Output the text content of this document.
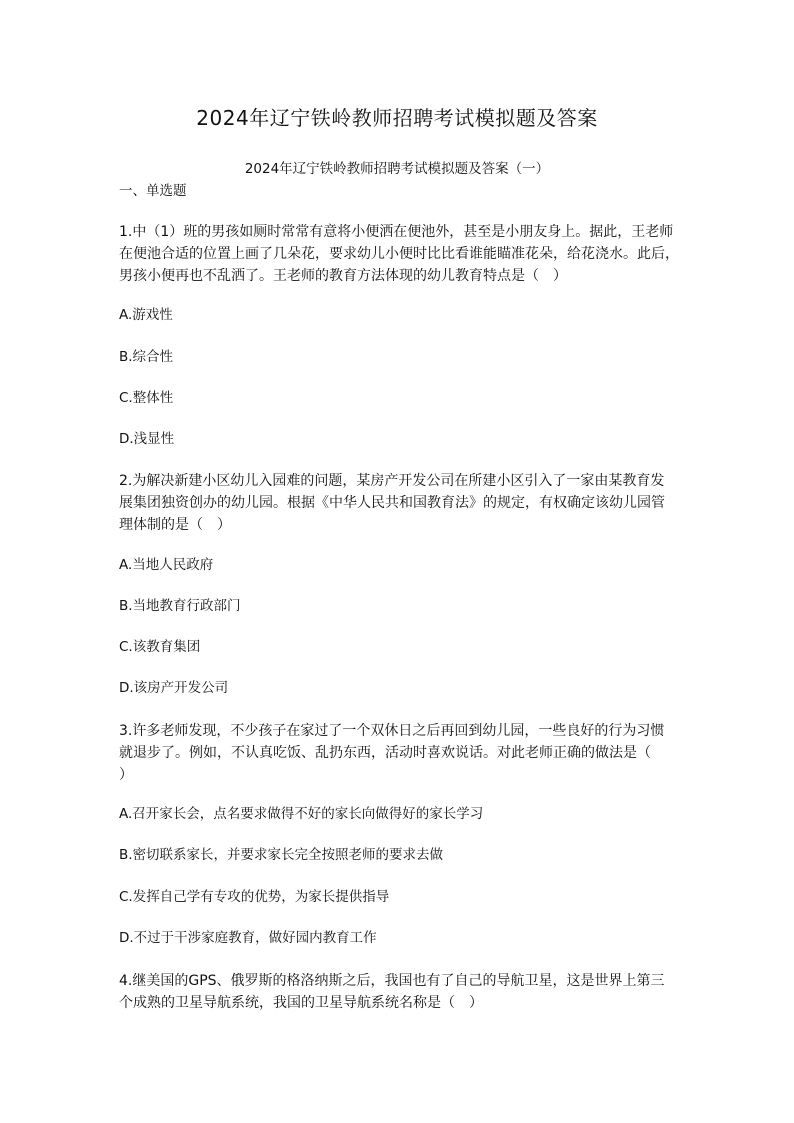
2024年辽宁铁岭教师招聘考试模拟题及答案
2024年辽宁铁岭教师招聘考试模拟题及答案（一）
一、单选题
1.中（1）班的男孩如厕时常常有意将小便洒在便池外，甚至是小朋友身上。据此，王老师
在便池合适的位置上画了几朵花，要求幼儿小便时比比看谁能瞄准花朵，给花浇水。此后，
男孩小便再也不乱洒了。王老师的教育方法体现的幼儿教育特点是（　）
A.游戏性
B.综合性
C.整体性
D.浅显性
2.为解决新建小区幼儿入园难的问题，某房产开发公司在所建小区引入了一家由某教育发
展集团独资创办的幼儿园。根据《中华人民共和国教育法》的规定，有权确定该幼儿园管
理体制的是（　）
A.当地人民政府
B.当地教育行政部门
C.该教育集团
D.该房产开发公司
3.许多老师发现，不少孩子在家过了一个双休日之后再回到幼儿园，一些良好的行为习惯
就退步了。例如，不认真吃饭、乱扔东西，活动时喜欢说话。对此老师正确的做法是（
）
A.召开家长会，点名要求做得不好的家长向做得好的家长学习
B.密切联系家长，并要求家长完全按照老师的要求去做
C.发挥自己学有专攻的优势，为家长提供指导
D.不过于干涉家庭教育，做好园内教育工作
4.继美国的GPS、俄罗斯的格洛纳斯之后，我国也有了自己的导航卫星，这是世界上第三
个成熟的卫星导航系统，我国的卫星导航系统名称是（　）
